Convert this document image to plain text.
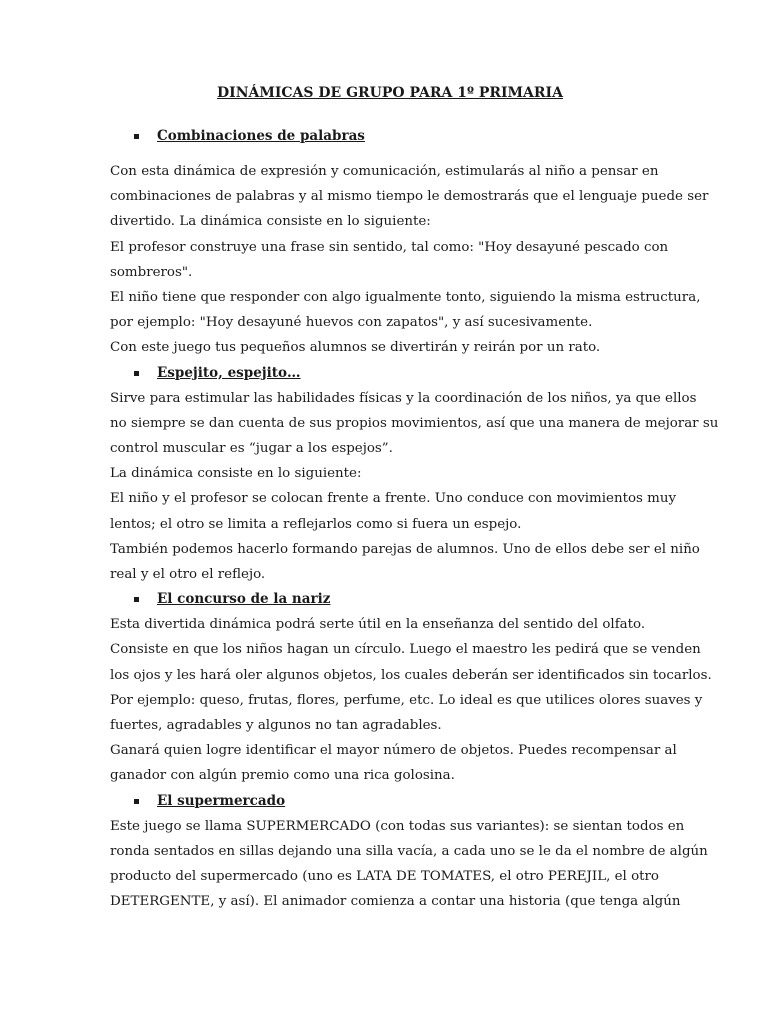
DINÁMICAS DE GRUPO PARA 1º PRIMARIA
Combinaciones de palabras

Con esta dinámica de expresión y comunicación, estimularás al niño a pensar en
combinaciones de palabras y al mismo tiempo le demostrarás que el lenguaje puede ser
divertido. La dinámica consiste en lo siguiente:
El profesor construye una frase sin sentido, tal como: "Hoy desayuné pescado con
sombreros".
El niño tiene que responder con algo igualmente tonto, siguiendo la misma estructura,
por ejemplo: "Hoy desayuné huevos con zapatos", y así sucesivamente.
Con este juego tus pequeños alumnos se divertirán y reirán por un rato.

Espejito, espejito…

Sirve para estimular las habilidades físicas y la coordinación de los niños, ya que ellos
no siempre se dan cuenta de sus propios movimientos, así que una manera de mejorar su
control muscular es “jugar a los espejos”.
La dinámica consiste en lo siguiente:
El niño y el profesor se colocan frente a frente. Uno conduce con movimientos muy
lentos; el otro se limita a reflejarlos como si fuera un espejo.
También podemos hacerlo formando parejas de alumnos. Uno de ellos debe ser el niño
real y el otro el reflejo.

El concurso de la nariz

Esta divertida dinámica podrá serte útil en la enseñanza del sentido del olfato.
Consiste en que los niños hagan un círculo. Luego el maestro les pedirá que se venden
los ojos y les hará oler algunos objetos, los cuales deberán ser identificados sin tocarlos.
Por ejemplo: queso, frutas, flores, perfume, etc. Lo ideal es que utilices olores suaves y
fuertes, agradables y algunos no tan agradables.
Ganará quien logre identificar el mayor número de objetos. Puedes recompensar al
ganador con algún premio como una rica golosina.

El supermercado

Este juego se llama SUPERMERCADO (con todas sus variantes): se sientan todos en
ronda sentados en sillas dejando una silla vacía, a cada uno se le da el nombre de algún
producto del supermercado (uno es LATA DE TOMATES, el otro PEREJIL, el otro
DETERGENTE, y así). El animador comienza a contar una historia (que tenga algún
